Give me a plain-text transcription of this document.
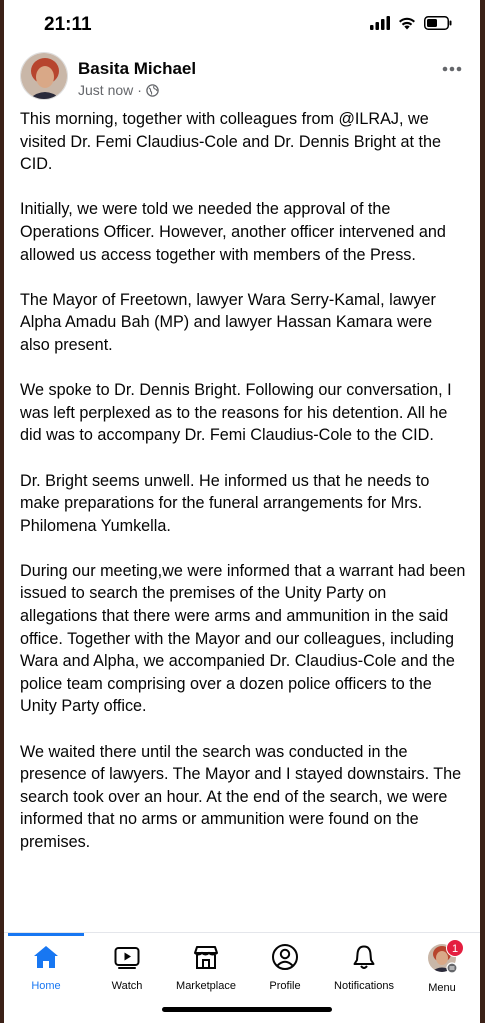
21:11
Basita Michael
Just now ·

This morning, together with colleagues from @ILRAJ, we visited Dr. Femi Claudius-Cole and Dr. Dennis Bright at the CID.

Initially, we were told we needed the approval of the Operations Officer. However, another officer intervened and allowed us access together with members of the Press.

The Mayor of Freetown, lawyer Wara Serry-Kamal, lawyer Alpha Amadu Bah (MP) and lawyer Hassan Kamara were also present.

We spoke to Dr. Dennis Bright. Following our conversation, I was left perplexed as to the reasons for his detention. All he did was to accompany Dr. Femi Claudius-Cole to the CID.

Dr. Bright seems unwell. He informed us that he needs to make preparations for the funeral arrangements for Mrs. Philomena Yumkella.

During our meeting,we were informed that a warrant had been issued to search the premises of the Unity Party on allegations that there were arms and ammunition in the said office. Together with the Mayor and our colleagues, including Wara and Alpha, we accompanied Dr. Claudius-Cole and the police team comprising over a dozen police officers to the Unity Party office.

We waited there until the search was conducted in the presence of lawyers. The Mayor and I stayed downstairs. The search took over an hour. At the end of the search, we were informed that no arms or ammunition were found on the premises.

Home	Watch	Marketplace	Profile	Notifications
1
Menu
